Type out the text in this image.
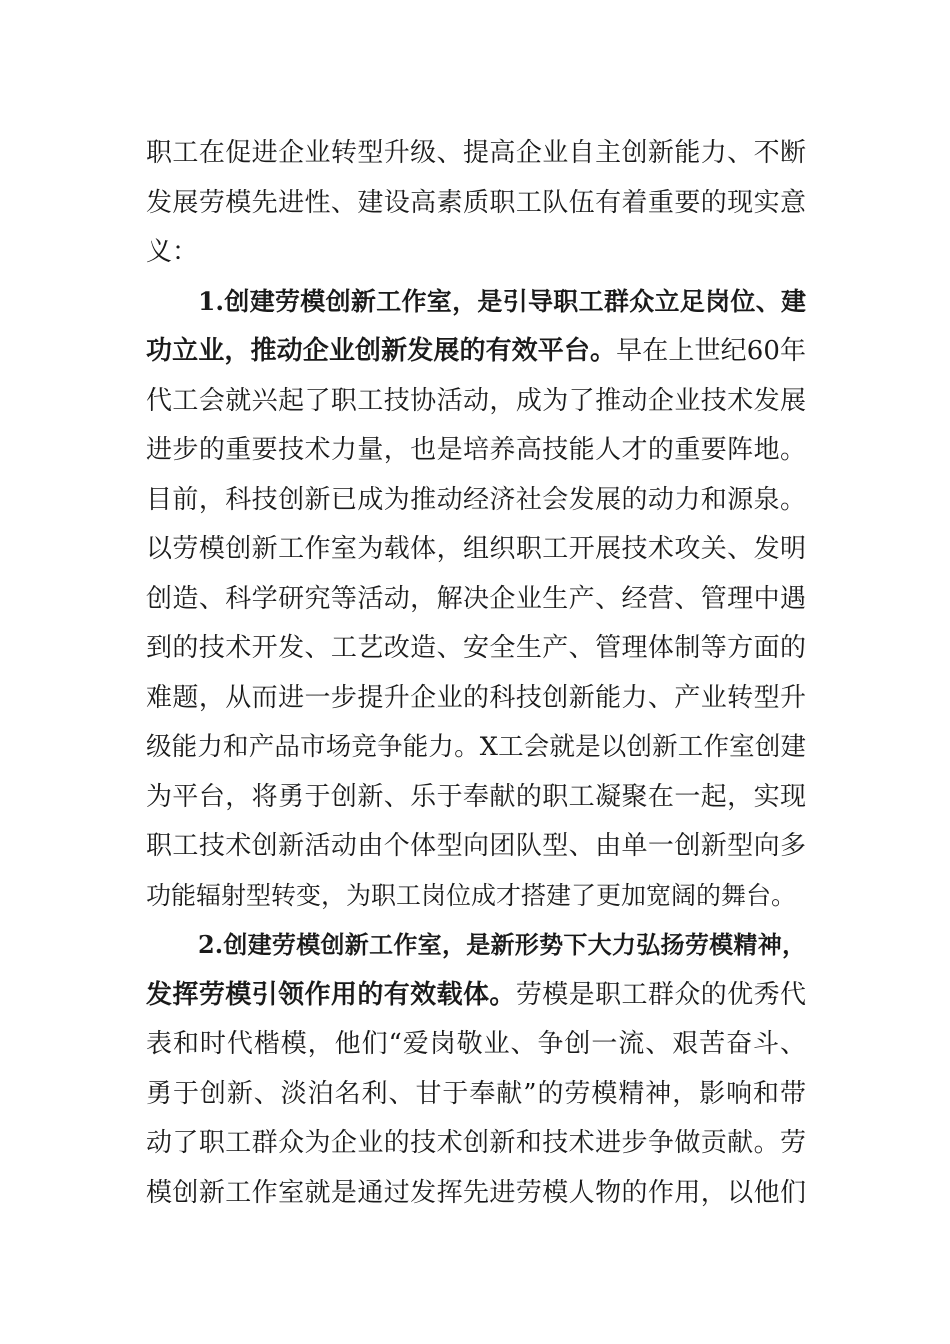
职工在促进企业转型升级、提高企业自主创新能力、不断
发展劳模先进性、建设高素质职工队伍有着重要的现实意
义：
1.创建劳模创新工作室，是引导职工群众立足岗位、建
功立业，推动企业创新发展的有效平台。早在上世纪60年
代工会就兴起了职工技协活动，成为了推动企业技术发展
进步的重要技术力量，也是培养高技能人才的重要阵地。
目前，科技创新已成为推动经济社会发展的动力和源泉。
以劳模创新工作室为载体，组织职工开展技术攻关、发明
创造、科学研究等活动，解决企业生产、经营、管理中遇
到的技术开发、工艺改造、安全生产、管理体制等方面的
难题，从而进一步提升企业的科技创新能力、产业转型升
级能力和产品市场竞争能力。X工会就是以创新工作室创建
为平台，将勇于创新、乐于奉献的职工凝聚在一起，实现
职工技术创新活动由个体型向团队型、由单一创新型向多
功能辐射型转变，为职工岗位成才搭建了更加宽阔的舞台。
2.创建劳模创新工作室，是新形势下大力弘扬劳模精神，
发挥劳模引领作用的有效载体。劳模是职工群众的优秀代
表和时代楷模，他们“爱岗敬业、争创一流、艰苦奋斗、
勇于创新、淡泊名利、甘于奉献”的劳模精神，影响和带
动了职工群众为企业的技术创新和技术进步争做贡献。劳
模创新工作室就是通过发挥先进劳模人物的作用，以他们
